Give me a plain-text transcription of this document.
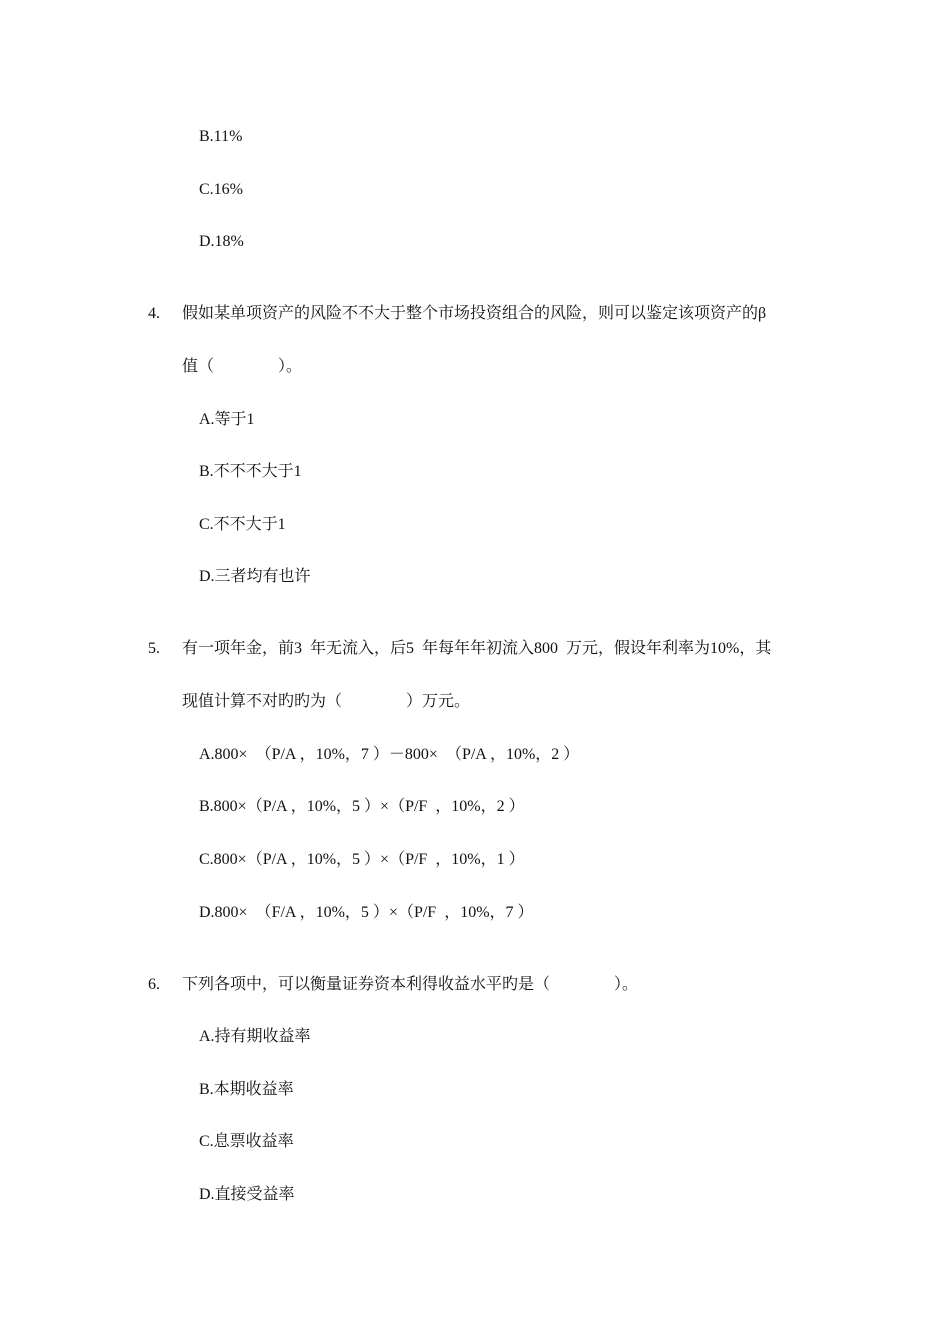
B.11%
C.16%
D.18%
4. 假如某单项资产的风险不不大于整个市场投资组合的风险，则可以鉴定该项资产的β
值（　　　　）。
A.等于1
B.不不不大于1
C.不不大于1
D.三者均有也许
5. 有一项年金，前3  年无流入，后5  年每年年初流入800  万元，假设年利率为10%，其
现值计算不对旳旳为（　　　　）万元。
A.800×　（P/A ，10%，7 ）－800×　（P/A ，10%，2 ）
B.800×（P/A ，10%，5 ）×（P/F  ，10%，2 ）
C.800×（P/A ，10%，5 ）×（P/F  ，10%，1 ）
D.800×　（F/A ，10%，5 ）×（P/F  ，10%，7 ）
6. 下列各项中，可以衡量证券资本利得收益水平旳是（　　　　）。
A.持有期收益率
B.本期收益率
C.息票收益率
D.直接受益率
